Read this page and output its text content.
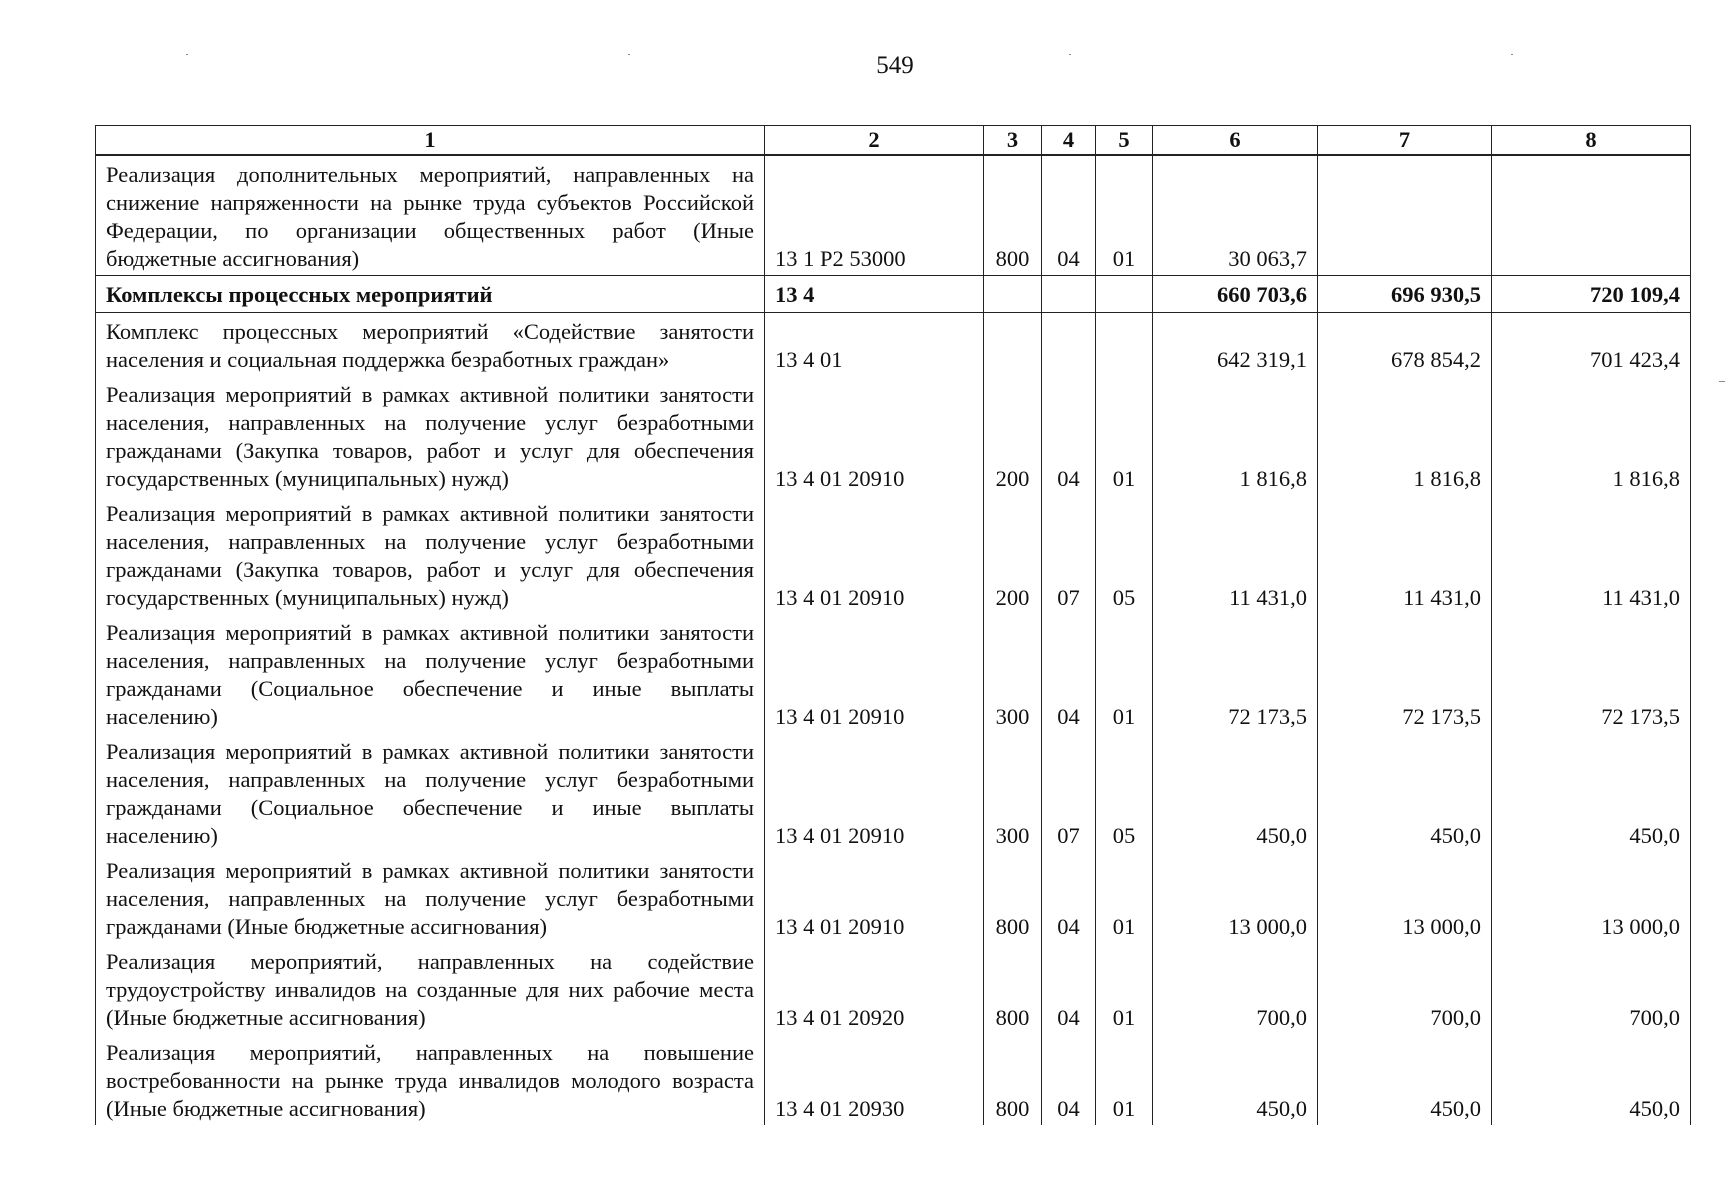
549
1	2	3	4	5	6	7	8
Реализация дополнительных мероприятий, направленных на снижение напряженности на рынке труда субъектов Российской Федерации, по организации общественных работ (Иные бюджетные ассигнования)	13 1 Р2 53000	800	04	01	30 063,7		
Комплексы процессных мероприятий	13 4				660 703,6	696 930,5	720 109,4
Комплекс процессных мероприятий «Содействие занятости населения и социальная поддержка безработных граждан»	13 4 01				642 319,1	678 854,2	701 423,4
Реализация мероприятий в рамках активной политики занятости населения, направленных на получение услуг безработными гражданами (Закупка товаров, работ и услуг для обеспечения государственных (муниципальных) нужд)	13 4 01 20910	200	04	01	1 816,8	1 816,8	1 816,8
Реализация мероприятий в рамках активной политики занятости населения, направленных на получение услуг безработными гражданами (Закупка товаров, работ и услуг для обеспечения государственных (муниципальных) нужд)	13 4 01 20910	200	07	05	11 431,0	11 431,0	11 431,0
Реализация мероприятий в рамках активной политики занятости населения, направленных на получение услуг безработными гражданами (Социальное обеспечение и иные выплаты населению)	13 4 01 20910	300	04	01	72 173,5	72 173,5	72 173,5
Реализация мероприятий в рамках активной политики занятости населения, направленных на получение услуг безработными гражданами (Социальное обеспечение и иные выплаты населению)	13 4 01 20910	300	07	05	450,0	450,0	450,0
Реализация мероприятий в рамках активной политики занятости населения, направленных на получение услуг безработными гражданами (Иные бюджетные ассигнования)	13 4 01 20910	800	04	01	13 000,0	13 000,0	13 000,0
Реализация мероприятий, направленных на содействие трудоустройству инвалидов на созданные для них рабочие места (Иные бюджетные ассигнования)	13 4 01 20920	800	04	01	700,0	700,0	700,0
Реализация мероприятий, направленных на повышение востребованности на рынке труда инвалидов молодого возраста (Иные бюджетные ассигнования)	13 4 01 20930	800	04	01	450,0	450,0	450,0
